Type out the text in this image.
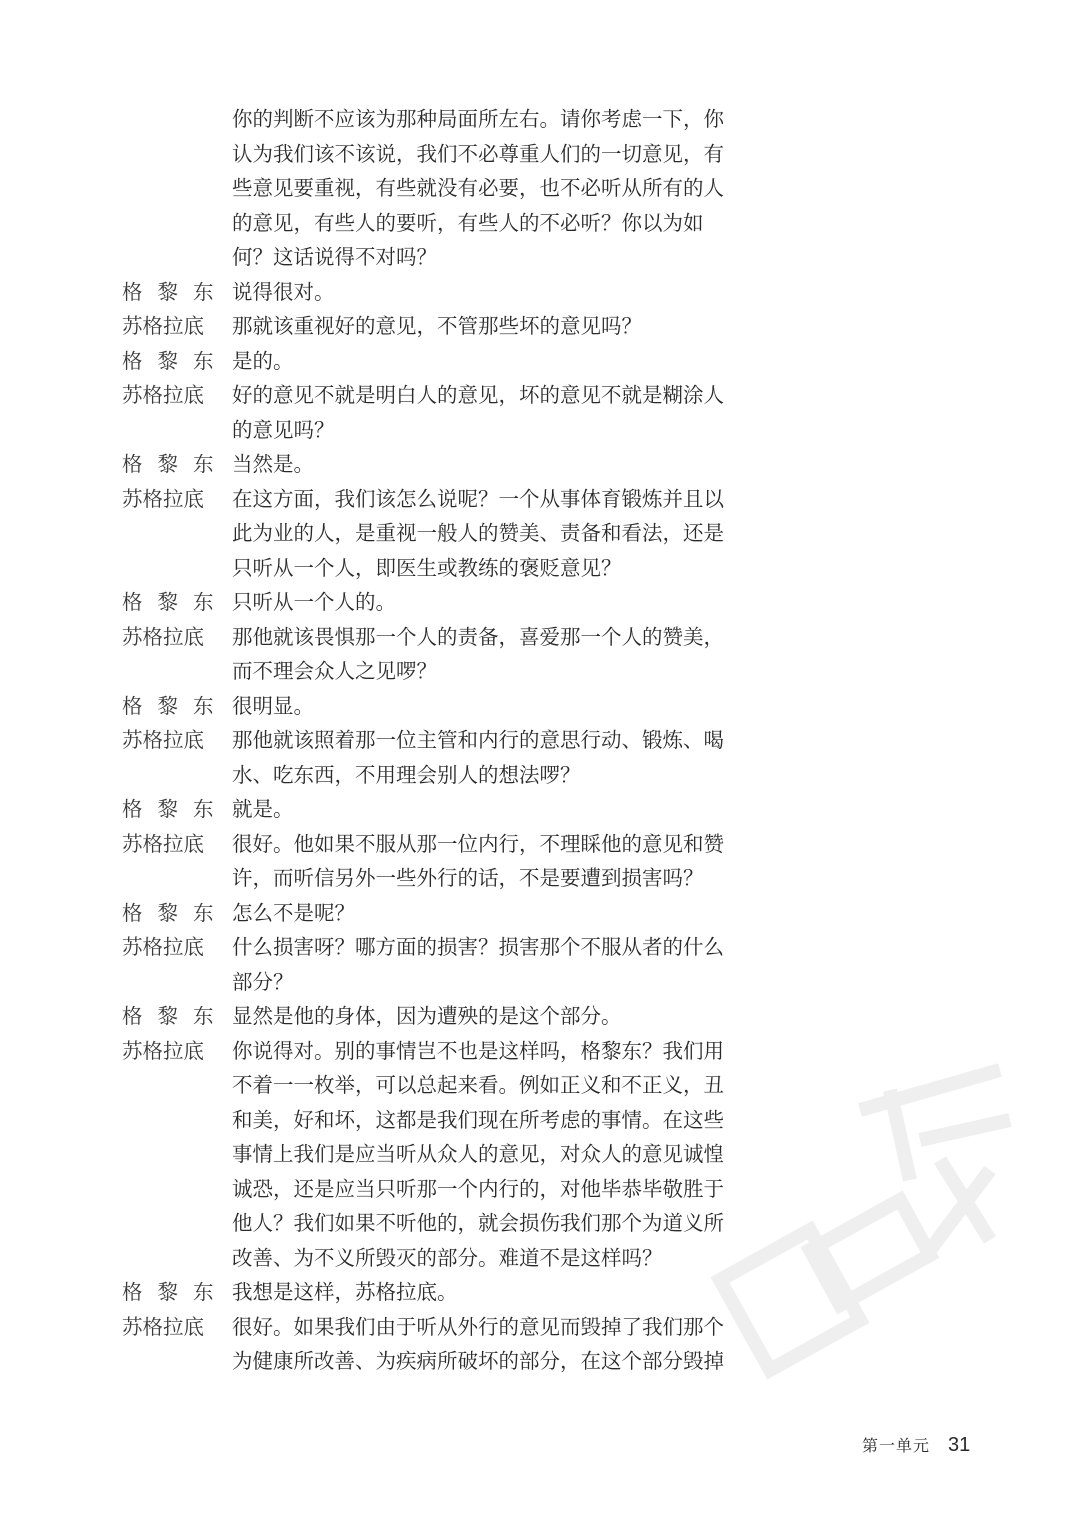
你的判断不应该为那种局面所左右。请你考虑一下，你
认为我们该不该说，我们不必尊重人们的一切意见，有
些意见要重视，有些就没有必要，也不必听从所有的人
的意见，有些人的要听，有些人的不必听？你以为如
何？这话说得不对吗？
格黎东 说得很对。
苏格拉底	那就该重视好的意见，不管那些坏的意见吗？
格黎东 是的。
苏格拉底	好的意见不就是明白人的意见，坏的意见不就是糊涂人
的意见吗？
格黎东 当然是。
苏格拉底	在这方面，我们该怎么说呢？一个从事体育锻炼并且以
此为业的人，是重视一般人的赞美、责备和看法，还是
只听从一个人，即医生或教练的褒贬意见？
格黎东 只听从一个人的。
苏格拉底	那他就该畏惧那一个人的责备，喜爱那一个人的赞美，
而不理会众人之见啰？
格黎东 很明显。
苏格拉底	那他就该照着那一位主管和内行的意思行动、锻炼、喝
水、吃东西，不用理会别人的想法啰？
格黎东 就是。
苏格拉底	很好。他如果不服从那一位内行，不理睬他的意见和赞
许，而听信另外一些外行的话，不是要遭到损害吗？
格黎东 怎么不是呢？
苏格拉底	什么损害呀？哪方面的损害？损害那个不服从者的什么
部分？
格黎东 显然是他的身体，因为遭殃的是这个部分。
苏格拉底	你说得对。别的事情岂不也是这样吗，格黎东？我们用
不着一一枚举，可以总起来看。例如正义和不正义，丑
和美，好和坏，这都是我们现在所考虑的事情。在这些
事情上我们是应当听从众人的意见，对众人的意见诚惶
诚恐，还是应当只听那一个内行的，对他毕恭毕敬胜于
他人？我们如果不听他的，就会损伤我们那个为道义所
改善、为不义所毁灭的部分。难道不是这样吗？
格黎东 我想是这样，苏格拉底。
苏格拉底	很好。如果我们由于听从外行的意见而毁掉了我们那个
为健康所改善、为疾病所破坏的部分，在这个部分毁掉
第一单元 31
